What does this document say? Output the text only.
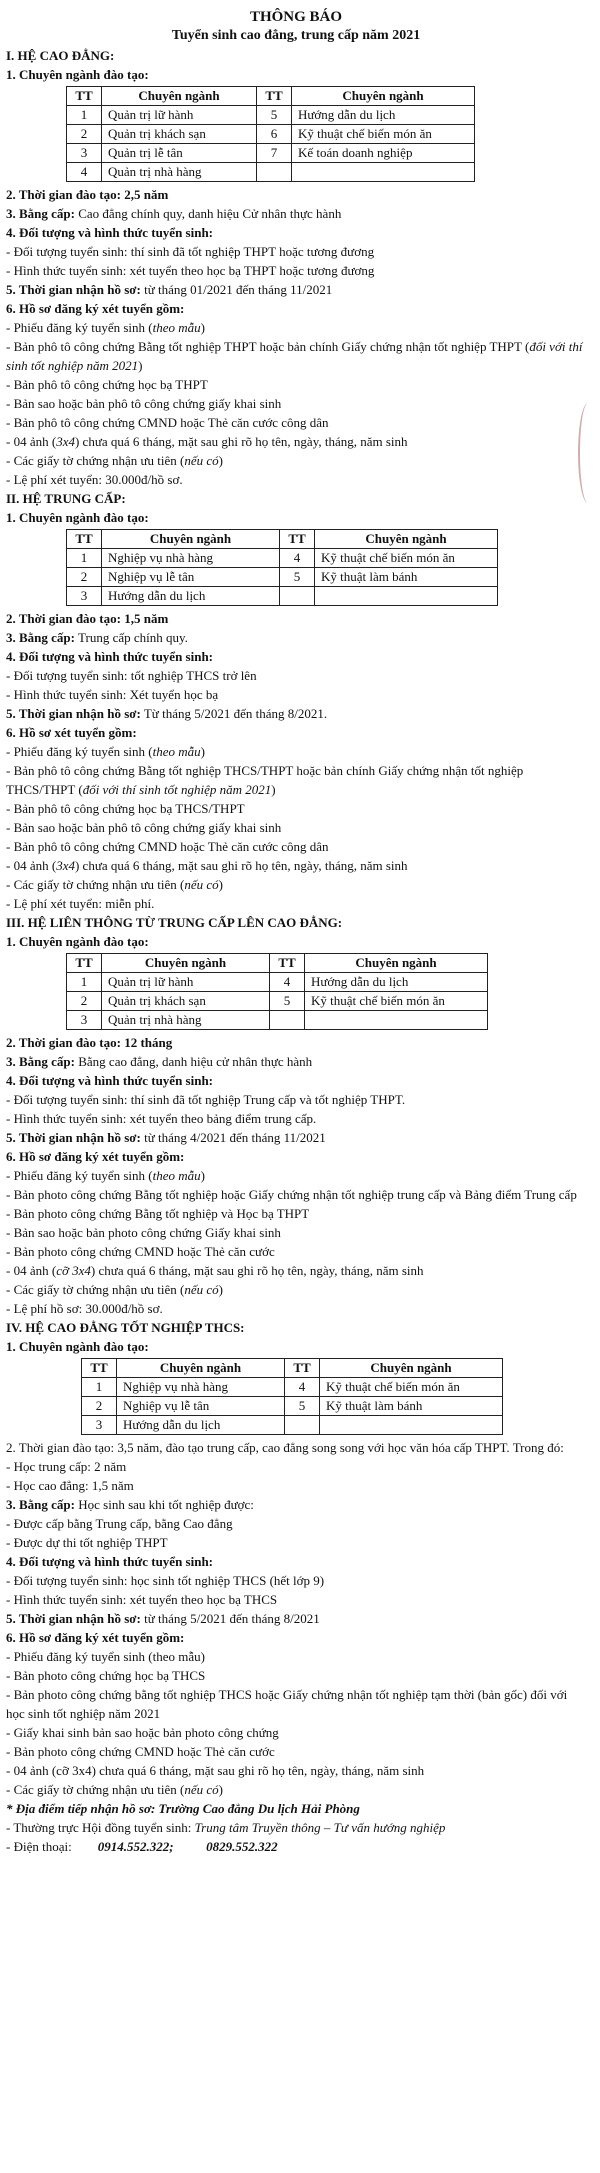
THÔNG BÁO
Tuyển sinh cao đẳng, trung cấp năm 2021
I. HỆ CAO ĐẲNG:
1. Chuyên ngành đào tạo:
TT	Chuyên ngành	TT	Chuyên ngành
1	Quản trị lữ hành	5	Hướng dẫn du lịch
2	Quản trị khách sạn	6	Kỹ thuật chế biến món ăn
3	Quản trị lễ tân	7	Kế toán doanh nghiệp
4	Quản trị nhà hàng		
2. Thời gian đào tạo: 2,5 năm
3. Bằng cấp: Cao đẳng chính quy, danh hiệu Cử nhân thực hành
4. Đối tượng và hình thức tuyển sinh:
- Đối tượng tuyển sinh: thí sinh đã tốt nghiệp THPT hoặc tương đương
- Hình thức tuyển sinh: xét tuyển theo học bạ THPT hoặc tương đương
5. Thời gian nhận hồ sơ: từ tháng 01/2021 đến tháng 11/2021
6. Hồ sơ đăng ký xét tuyển gồm:
- Phiếu đăng ký tuyển sinh (theo mẫu)
- Bản phô tô công chứng Bằng tốt nghiệp THPT hoặc bản chính Giấy chứng nhận tốt nghiệp THPT (đối với thí sinh tốt nghiệp năm 2021)
- Bản phô tô công chứng học bạ THPT
- Bản sao hoặc bản phô tô công chứng giấy khai sinh
- Bản phô tô công chứng CMND hoặc Thẻ căn cước công dân
- 04 ảnh (3x4) chưa quá 6 tháng, mặt sau ghi rõ họ tên, ngày, tháng, năm sinh
- Các giấy tờ chứng nhận ưu tiên (nếu có)
- Lệ phí xét tuyển: 30.000đ/hồ sơ.
II. HỆ TRUNG CẤP:
1. Chuyên ngành đào tạo:
TT	Chuyên ngành	TT	Chuyên ngành
1	Nghiệp vụ nhà hàng	4	Kỹ thuật chế biến món ăn
2	Nghiệp vụ lễ tân	5	Kỹ thuật làm bánh
3	Hướng dẫn du lịch		
2. Thời gian đào tạo: 1,5 năm
3. Bằng cấp: Trung cấp chính quy.
4. Đối tượng và hình thức tuyển sinh:
- Đối tượng tuyển sinh: tốt nghiệp THCS trở lên
- Hình thức tuyển sinh: Xét tuyển học bạ
5. Thời gian nhận hồ sơ: Từ tháng 5/2021 đến tháng 8/2021.
6. Hồ sơ xét tuyển gồm:
- Phiếu đăng ký tuyển sinh (theo mẫu)
- Bản phô tô công chứng Bằng tốt nghiệp THCS/THPT hoặc bản chính Giấy chứng nhận tốt nghiệp THCS/THPT (đối với thí sinh tốt nghiệp năm 2021)
- Bản phô tô công chứng học bạ THCS/THPT
- Bản sao hoặc bản phô tô công chứng giấy khai sinh
- Bản phô tô công chứng CMND hoặc Thẻ căn cước công dân
- 04 ảnh (3x4) chưa quá 6 tháng, mặt sau ghi rõ họ tên, ngày, tháng, năm sinh
- Các giấy tờ chứng nhận ưu tiên (nếu có)
- Lệ phí xét tuyển: miễn phí.
III. HỆ LIÊN THÔNG TỪ TRUNG CẤP LÊN CAO ĐẲNG:
1. Chuyên ngành đào tạo:
TT	Chuyên ngành	TT	Chuyên ngành
1	Quản trị lữ hành	4	Hướng dẫn du lịch
2	Quản trị khách sạn	5	Kỹ thuật chế biến món ăn
3	Quản trị nhà hàng		
2. Thời gian đào tạo: 12 tháng
3. Bằng cấp: Bằng cao đẳng, danh hiệu cử nhân thực hành
4. Đối tượng và hình thức tuyển sinh:
- Đối tượng tuyển sinh: thí sinh đã tốt nghiệp Trung cấp và tốt nghiệp THPT.
- Hình thức tuyển sinh: xét tuyển theo bảng điểm trung cấp.
5. Thời gian nhận hồ sơ: từ tháng 4/2021 đến tháng 11/2021
6. Hồ sơ đăng ký xét tuyển gồm:
- Phiếu đăng ký tuyển sinh (theo mẫu)
- Bản photo công chứng Bằng tốt nghiệp hoặc Giấy chứng nhận tốt nghiệp trung cấp và Bảng điểm Trung cấp
- Bản photo công chứng Bằng tốt nghiệp và Học bạ THPT
- Bản sao hoặc bản photo công chứng Giấy khai sinh
- Bản photo công chứng CMND hoặc Thẻ căn cước
- 04 ảnh (cỡ 3x4) chưa quá 6 tháng, mặt sau ghi rõ họ tên, ngày, tháng, năm sinh
- Các giấy tờ chứng nhận ưu tiên (nếu có)
- Lệ phí hồ sơ: 30.000đ/hồ sơ.
IV. HỆ CAO ĐẲNG TỐT NGHIỆP THCS:
1. Chuyên ngành đào tạo:
TT	Chuyên ngành	TT	Chuyên ngành
1	Nghiệp vụ nhà hàng	4	Kỹ thuật chế biến món ăn
2	Nghiệp vụ lễ tân	5	Kỹ thuật làm bánh
3	Hướng dẫn du lịch		
2. Thời gian đào tạo: 3,5 năm, đào tạo trung cấp, cao đẳng song song với học văn hóa cấp THPT. Trong đó:
- Học trung cấp: 2 năm
- Học cao đẳng: 1,5 năm
3. Bằng cấp: Học sinh sau khi tốt nghiệp được:
- Được cấp bằng Trung cấp, bằng Cao đẳng
- Được dự thi tốt nghiệp THPT
4. Đối tượng và hình thức tuyển sinh:
- Đối tượng tuyển sinh: học sinh tốt nghiệp THCS (hết lớp 9)
- Hình thức tuyển sinh: xét tuyển theo học bạ THCS
5. Thời gian nhận hồ sơ: từ tháng 5/2021 đến tháng 8/2021
6. Hồ sơ đăng ký xét tuyển gồm:
- Phiếu đăng ký tuyển sinh (theo mẫu)
- Bản photo công chứng học bạ THCS
- Bản photo công chứng bằng tốt nghiệp THCS hoặc Giấy chứng nhận tốt nghiệp tạm thời (bản gốc) đối với học sinh tốt nghiệp năm 2021
- Giấy khai sinh bản sao hoặc bản photo công chứng
- Bản photo công chứng CMND hoặc Thẻ căn cước
- 04 ảnh (cỡ 3x4) chưa quá 6 tháng, mặt sau ghi rõ họ tên, ngày, tháng, năm sinh
- Các giấy tờ chứng nhận ưu tiên (nếu có)
* Địa điểm tiếp nhận hồ sơ: Trường Cao đẳng Du lịch Hải Phòng
- Thường trực Hội đồng tuyển sinh: Trung tâm Truyền thông – Tư vấn hướng nghiệp
- Điện thoại: 0914.552.322;	0829.552.322
